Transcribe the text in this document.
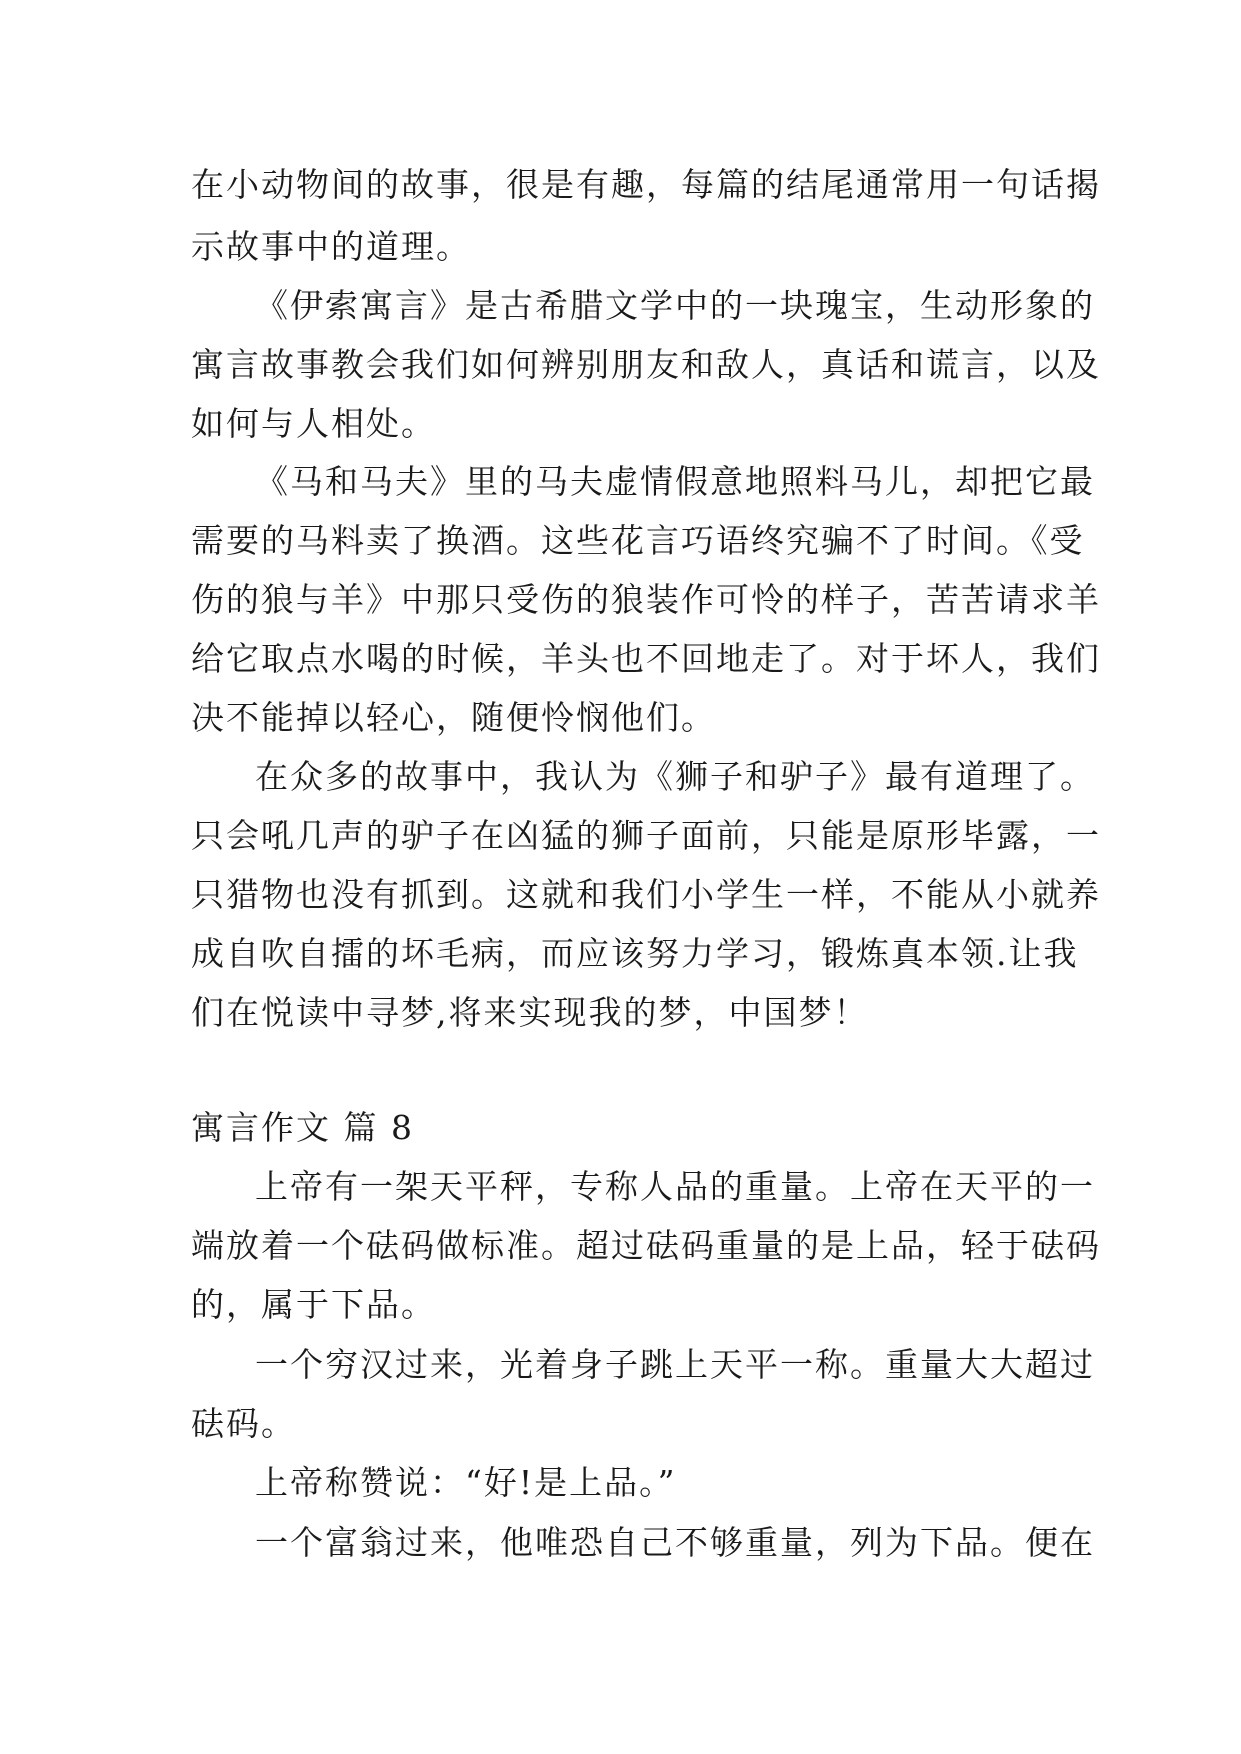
在小动物间的故事，很是有趣，每篇的结尾通常用一句话揭
示故事中的道理。
《伊索寓言》是古希腊文学中的一块瑰宝，生动形象的
寓言故事教会我们如何辨别朋友和敌人，真话和谎言，以及
如何与人相处。
《马和马夫》里的马夫虚情假意地照料马儿，却把它最
需要的马料卖了换酒。这些花言巧语终究骗不了时间。《受
伤的狼与羊》中那只受伤的狼装作可怜的样子，苦苦请求羊
给它取点水喝的时候，羊头也不回地走了。对于坏人，我们
决不能掉以轻心，随便怜悯他们。
在众多的故事中，我认为《狮子和驴子》最有道理了。
只会吼几声的驴子在凶猛的狮子面前，只能是原形毕露，一
只猎物也没有抓到。这就和我们小学生一样，不能从小就养
成自吹自擂的坏毛病，而应该努力学习，锻炼真本领.让我
们在悦读中寻梦,将来实现我的梦，中国梦！
寓言作文 篇 8
上帝有一架天平秤，专称人品的重量。上帝在天平的一
端放着一个砝码做标准。超过砝码重量的是上品，轻于砝码
的，属于下品。
一个穷汉过来，光着身子跳上天平一称。重量大大超过
砝码。
上帝称赞说：“好!是上品。”
一个富翁过来，他唯恐自己不够重量，列为下品。便在
